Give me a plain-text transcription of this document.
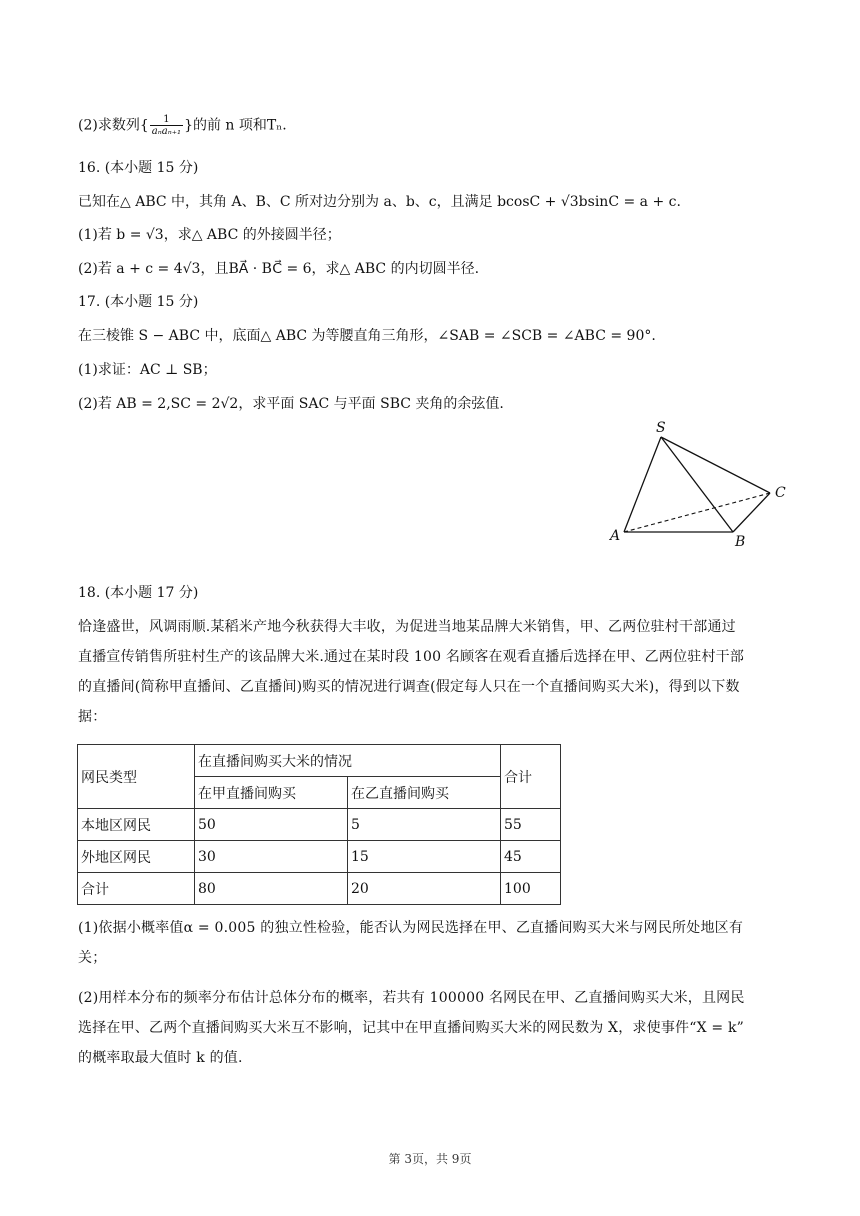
(2)求数列{ $\frac{1}{\text{aₙaₙ₊₁}}$ }的前 n 项和Tₙ.
16. (本小题 15 分)
已知在△ ABC 中，其角 A、B、C 所对边分别为 a、b、c，且满足 bcosC + √3bsinC = a + c.
(1)若 b = √3，求△ ABC 的外接圆半径；
(2)若 a + c = 4√3，且BA⃗ · BC⃗ = 6，求△ ABC 的内切圆半径.
17. (本小题 15 分)
在三棱锥 S − ABC 中，底面△ ABC 为等腰直角三角形，∠SAB = ∠SCB = ∠ABC = 90°.
(1)求证：AC ⊥ SB；
(2)若 AB = 2,SC = 2√2，求平面 SAC 与平面 SBC 夹角的余弦值.
S
A	B
C
18. (本小题 17 分)
恰逢盛世，风调雨顺.某稻米产地今秋获得大丰收，为促进当地某品牌大米销售，甲、乙两位驻村干部通过
直播宣传销售所驻村生产的该品牌大米.通过在某时段 100 名顾客在观看直播后选择在甲、乙两位驻村干部
的直播间(简称甲直播间、乙直播间)购买的情况进行调查(假定每人只在一个直播间购买大米)，得到以下数
据：
网民类型	在直播间购买大米的情况		合计
	在甲直播间购买	在乙直播间购买	
本地区网民	50	5	55
外地区网民	30	15	45
合计	80	20	100
(1)依据小概率值α = 0.005 的独立性检验，能否认为网民选择在甲、乙直播间购买大米与网民所处地区有
关；
(2)用样本分布的频率分布估计总体分布的概率，若共有 100000 名网民在甲、乙直播间购买大米，且网民
选择在甲、乙两个直播间购买大米互不影响，记其中在甲直播间购买大米的网民数为 X，求使事件“X = k”
的概率取最大值时 k 的值.
第 3页，共 9页
